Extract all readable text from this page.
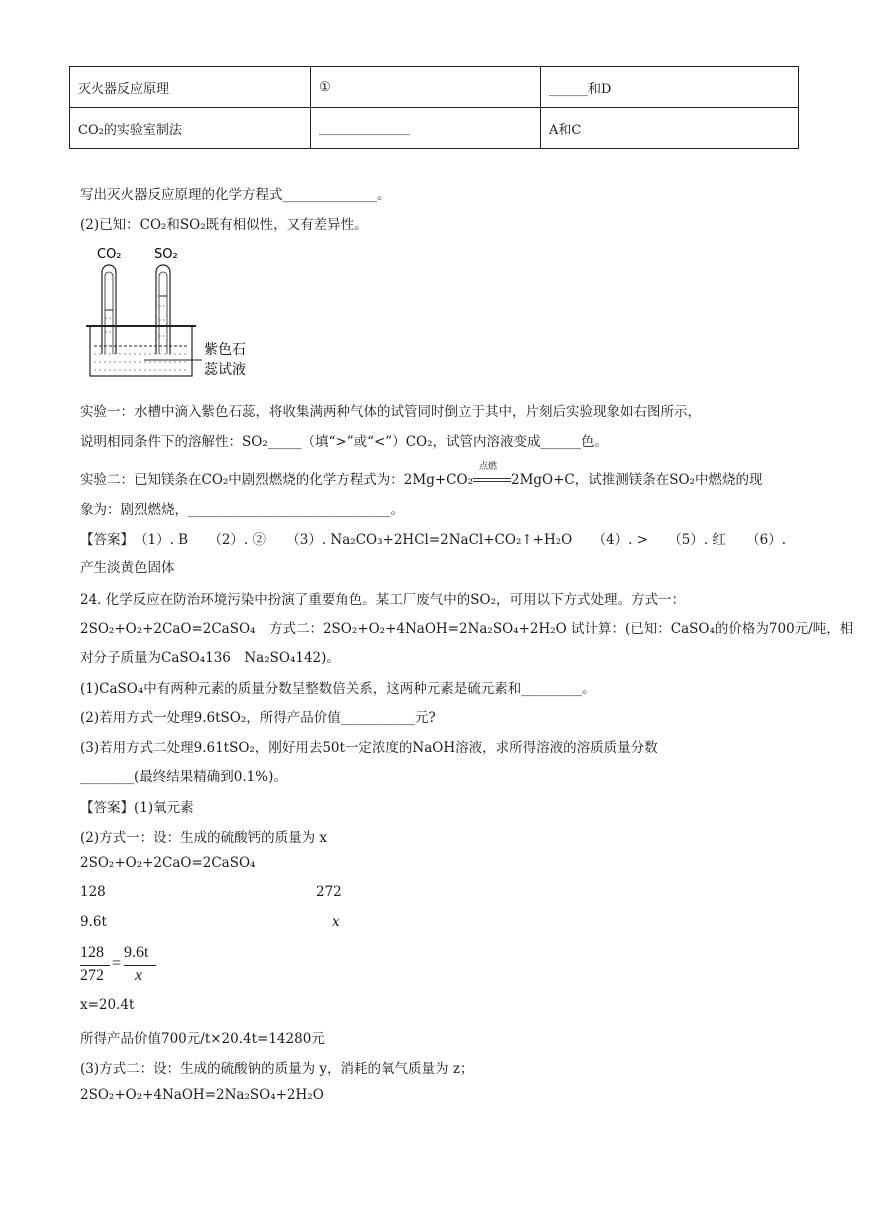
灭火器反应原理	①	______和D
CO₂的实验室制法	______________	A和C
写出灭火器反应原理的化学方程式______________。
(2)已知：CO₂和SO₂既有相似性，又有差异性。
CO₂ SO₂
紫色石
蕊试液
实验一：水槽中滴入紫色石蕊，将收集满两种气体的试管同时倒立于其中，片刻后实验现象如右图所示，
说明相同条件下的溶解性：SO₂_____（填“>”或“<”）CO₂，试管内溶液变成______色。
实验二：已知镁条在CO₂中剧烈燃烧的化学方程式为：2Mg+CO₂
点燃
2MgO+C，试推测镁条在SO₂中燃烧的现
象为：剧烈燃烧，______________________________。
【答案】　（1）. B　　（2）. ②　　（3）. Na₂CO₃+2HCl=2NaCl+CO₂↑+H₂O　　（4）. >　　（5）. 红　　（6）.
产生淡黄色固体
24. 化学反应在防治环境污染中扮演了重要角色。某工厂废气中的SO₂，可用以下方式处理。方式一：
2SO₂+O₂+2CaO=2CaSO₄　方式二：2SO₂+O₂+4NaOH=2Na₂SO₄+2H₂O 试计算：(已知：CaSO₄的价格为700元/吨，相
对分子质量为CaSO₄136　Na₂SO₄142)。
(1)CaSO₄中有两种元素的质量分数呈整数倍关系，这两种元素是硫元素和_________。
(2)若用方式一处理9.6tSO₂，所得产品价值___________元?
(3)若用方式二处理9.61tSO₂，刚好用去50t一定浓度的NaOH溶液，求所得溶液的溶质质量分数
________(最终结果精确到0.1%)。
【答案】(1)氧元素
(2)方式一：设：生成的硫酸钙的质量为 x
2SO₂+O₂+2CaO=2CaSO₄
128	272
9.6t	x
128
272
=
9.6t
x
x=20.4t
所得产品价值700元/t×20.4t=14280元
(3)方式二：设：生成的硫酸钠的质量为 y，消耗的氧气质量为 z；
2SO₂+O₂+4NaOH=2Na₂SO₄+2H₂O
